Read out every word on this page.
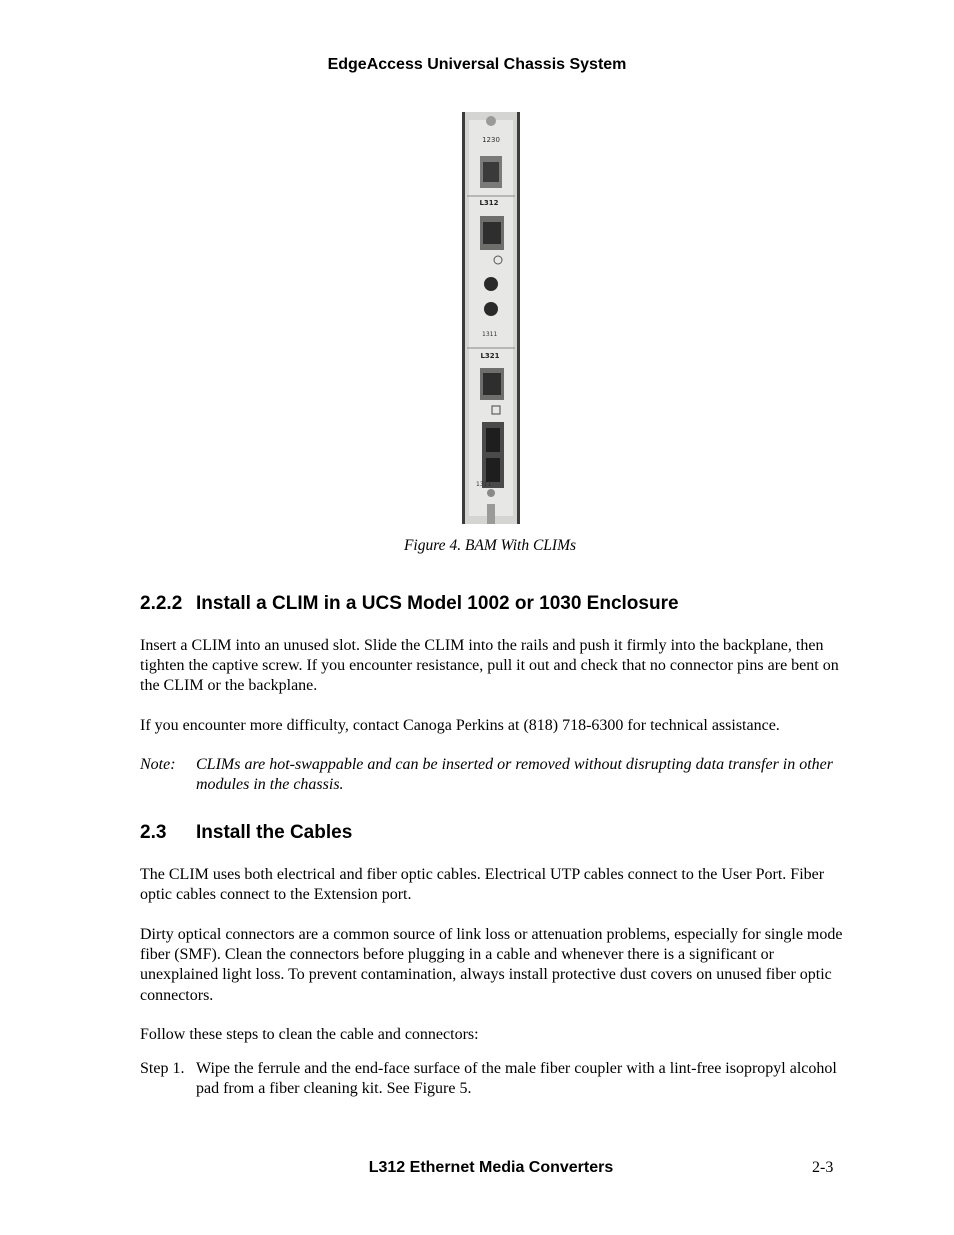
EdgeAccess Universal Chassis System
1230
L312
1311
L321
1311
Figure 4. BAM With CLIMs
2.2.2 Install a CLIM in a UCS Model 1002 or 1030 Enclosure

Insert a CLIM into an unused slot. Slide the CLIM into the rails and push it firmly into the backplane, then tighten the captive screw. If you encounter resistance, pull it out and check that no connector pins are bent on the CLIM or the backplane.

If you encounter more difficulty, contact Canoga Perkins at (818) 718-6300 for technical assistance.

Note: CLIMs are hot-swappable and can be inserted or removed without disrupting data transfer in other modules in the chassis.
2.3 Install the Cables

The CLIM uses both electrical and fiber optic cables. Electrical UTP cables connect to the User Port. Fiber optic cables connect to the Extension port.

Dirty optical connectors are a common source of link loss or attenuation problems, especially for single mode fiber (SMF). Clean the connectors before plugging in a cable and whenever there is a significant or unexplained light loss. To prevent contamination, always install protective dust covers on unused fiber optic connectors.

Follow these steps to clean the cable and connectors:

Step 1. Wipe the ferrule and the end-face surface of the male fiber coupler with a lint-free isopropyl alcohol pad from a fiber cleaning kit. See Figure 5.
L312 Ethernet Media Converters	2-3
